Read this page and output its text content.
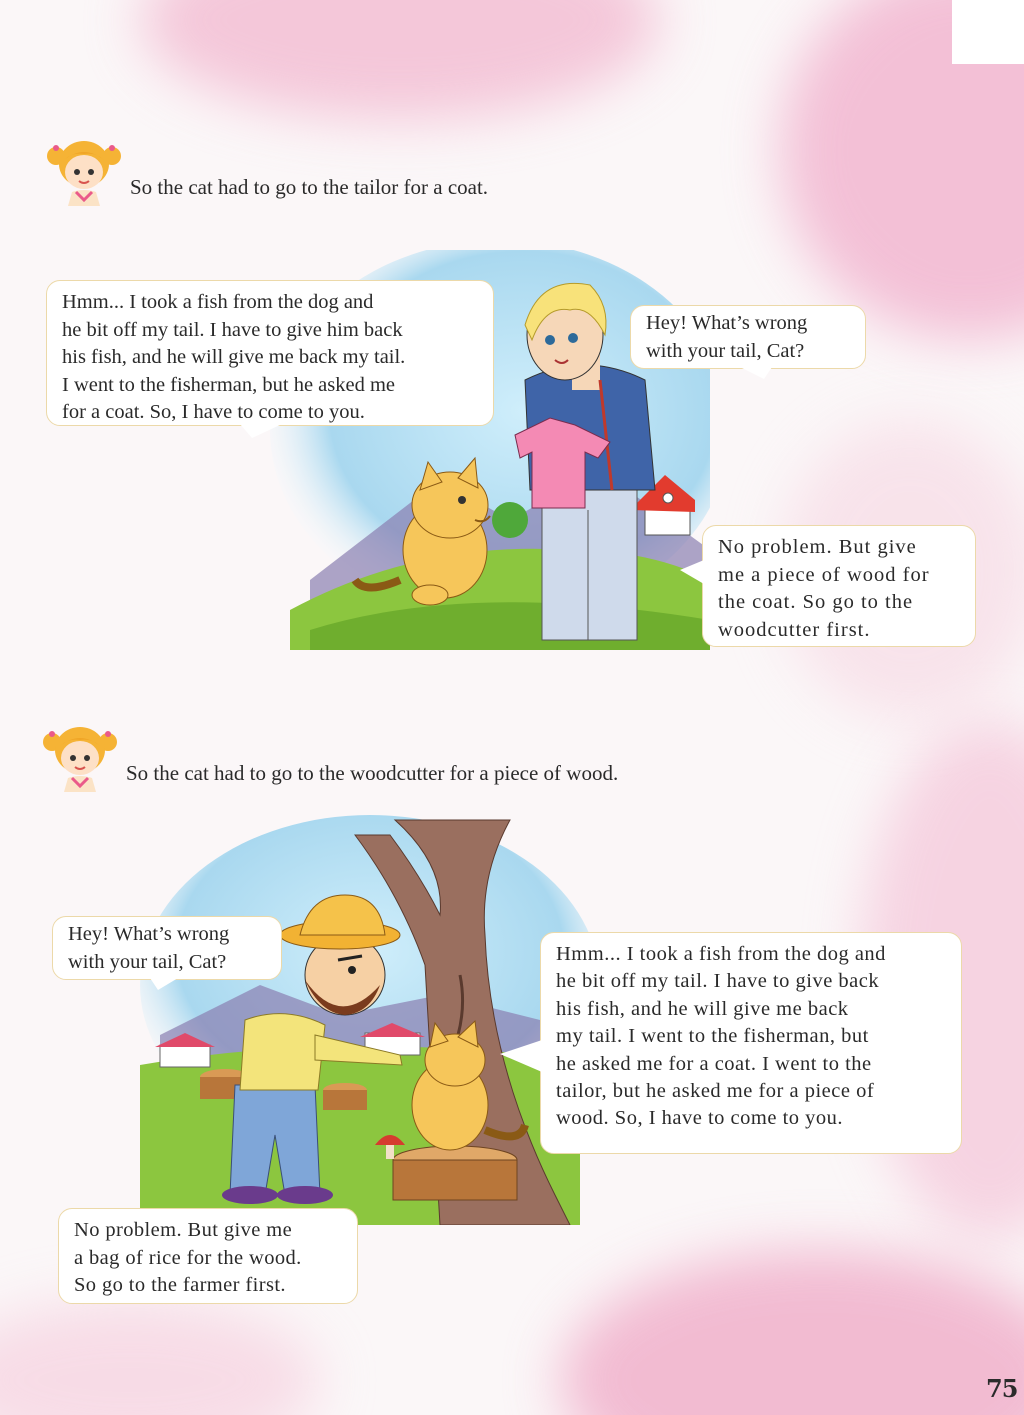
So the cat had to go to the tailor for a coat.
Hmm... I took a fish from the dog and
he bit off my tail. I have to give him back
his fish, and he will give me back my tail.
I went to the fisherman, but he asked me
for a coat. So, I have to come to you.
Hey! What’s wrong
with your tail, Cat?
No problem. But give
me a piece of wood for
the coat. So go to the
woodcutter first.
So the cat had to go to the woodcutter for a piece of wood.
Hey! What’s wrong
with your tail, Cat?	Hmm... I took a fish from the dog and
he bit off my tail. I have to give back
his fish, and he will give me back
my tail. I went to the fisherman, but
he asked me for a coat. I went to the
tailor, but he asked me for a piece of
wood. So, I have to come to you.
No problem. But give me
a bag of rice for the wood.
So go to the farmer first.
75
